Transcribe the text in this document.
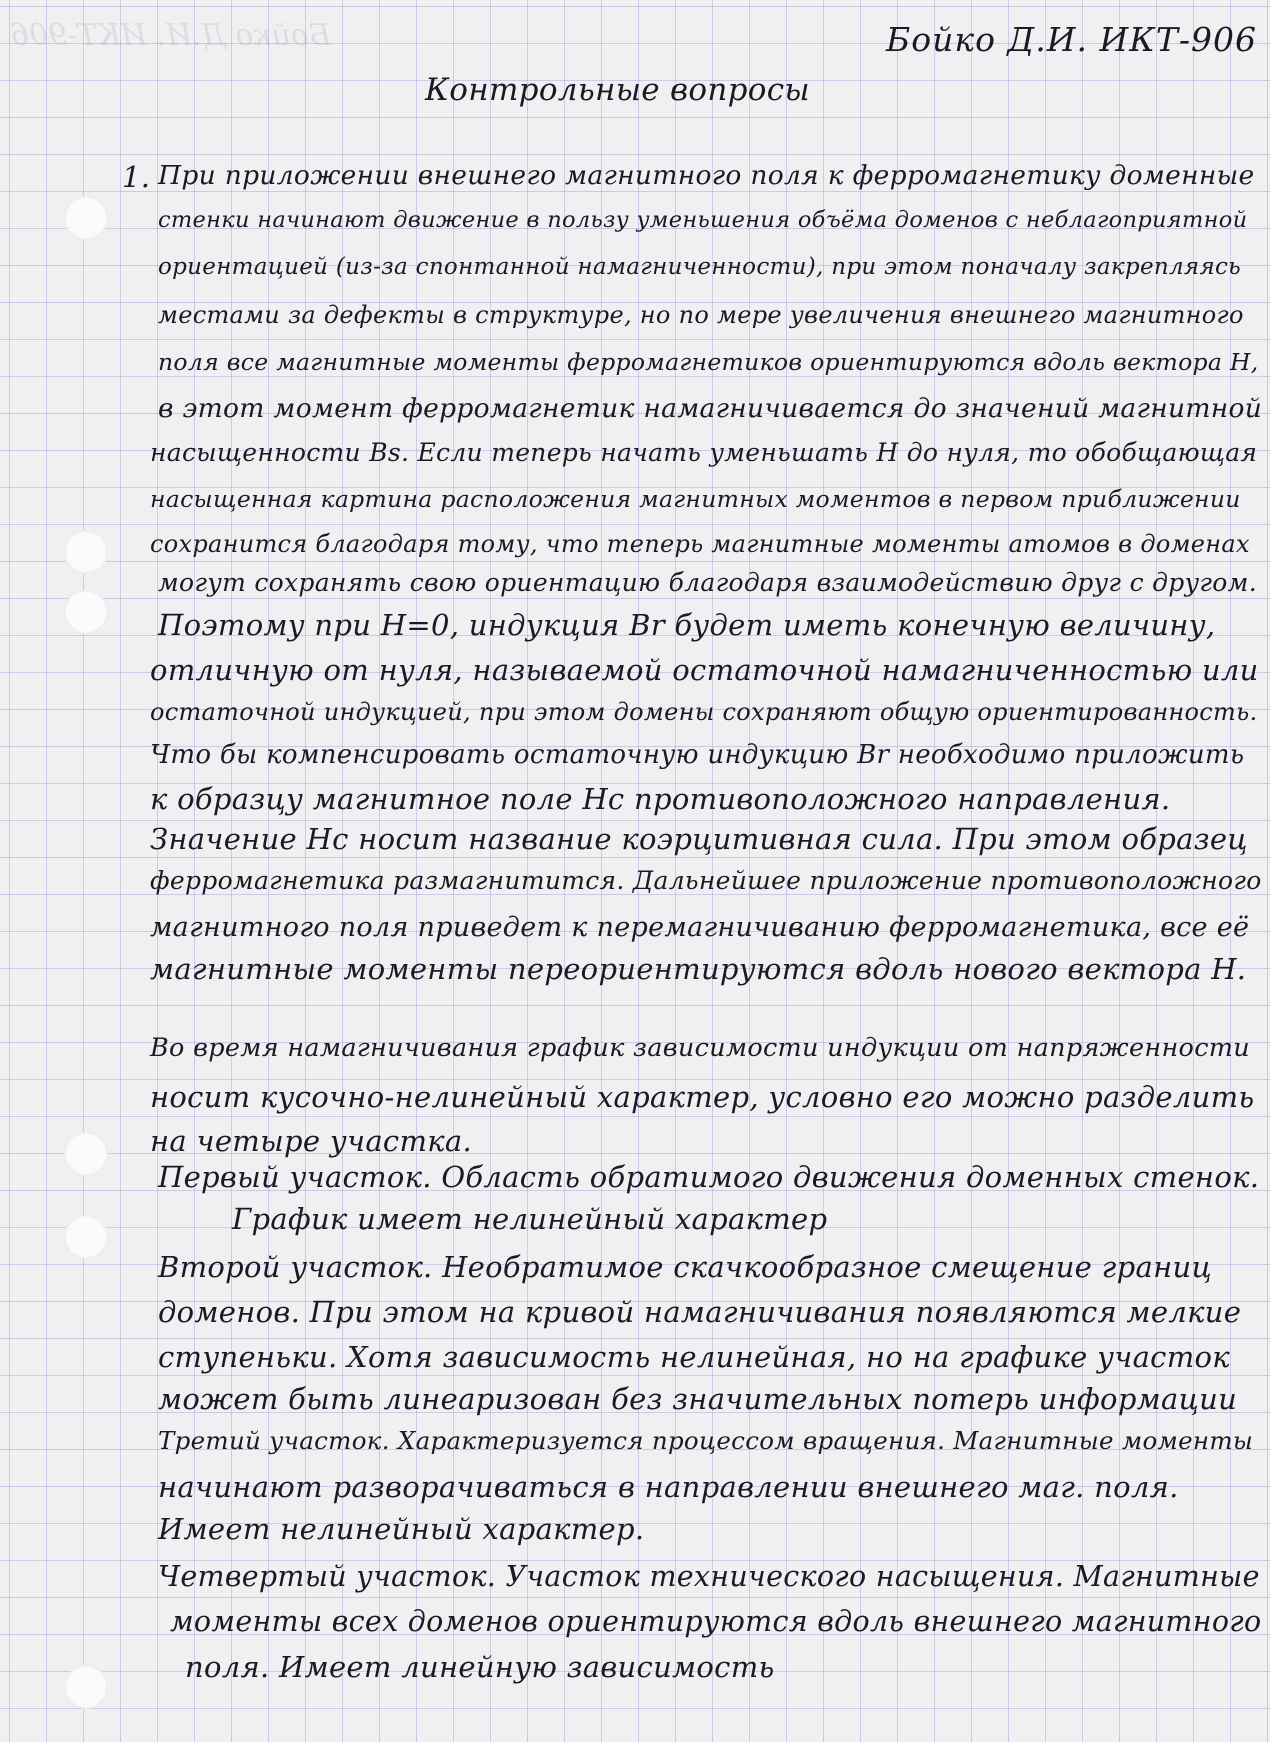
Бойко Д.И. ИКТ-906	Бойко Д.И. ИКТ-906
Контрольные вопросы
1. При приложении внешнего магнитного поля к ферромагнетику доменные
стенки начинают движение в пользу уменьшения объёма доменов с неблагоприятной
ориентацией (из-за спонтанной намагниченности), при этом поначалу закрепляясь
местами за дефекты в структуре, но по мере увеличения внешнего магнитного
поля все магнитные моменты ферромагнетиков ориентируются вдоль вектора H,
в этот момент ферромагнетик намагничивается до значений магнитной
насыщенности Bs. Если теперь начать уменьшать H до нуля, то обобщающая
насыщенная картина расположения магнитных моментов в первом приближении
сохранится благодаря тому, что теперь магнитные моменты атомов в доменах
могут сохранять свою ориентацию благодаря взаимодействию друг с другом.
Поэтому при H=0, индукция Br будет иметь конечную величину,
отличную от нуля, называемой остаточной намагниченностью или
остаточной индукцией, при этом домены сохраняют общую ориентированность.
Что бы компенсировать остаточную индукцию Br необходимо приложить
к образцу магнитное поле Hc противоположного направления.
Значение Hc носит название коэрцитивная сила. При этом образец
ферромагнетика размагнитится. Дальнейшее приложение противоположного
магнитного поля приведет к перемагничиванию ферромагнетика, все её
магнитные моменты переориентируются вдоль нового вектора H.
Во время намагничивания график зависимости индукции от напряженности
носит кусочно-нелинейный характер, условно его можно разделить
на четыре участка.
Первый участок. Область обратимого движения доменных стенок.
График имеет нелинейный характер
Второй участок. Необратимое скачкообразное смещение границ
доменов. При этом на кривой намагничивания появляются мелкие
ступеньки. Хотя зависимость нелинейная, но на графике участок
может быть линеаризован без значительных потерь информации
Третий участок. Характеризуется процессом вращения. Магнитные моменты
начинают разворачиваться в направлении внешнего маг. поля.
Имеет нелинейный характер.
Четвертый участок. Участок технического насыщения. Магнитные
моменты всех доменов ориентируются вдоль внешнего магнитного
поля. Имеет линейную зависимость
